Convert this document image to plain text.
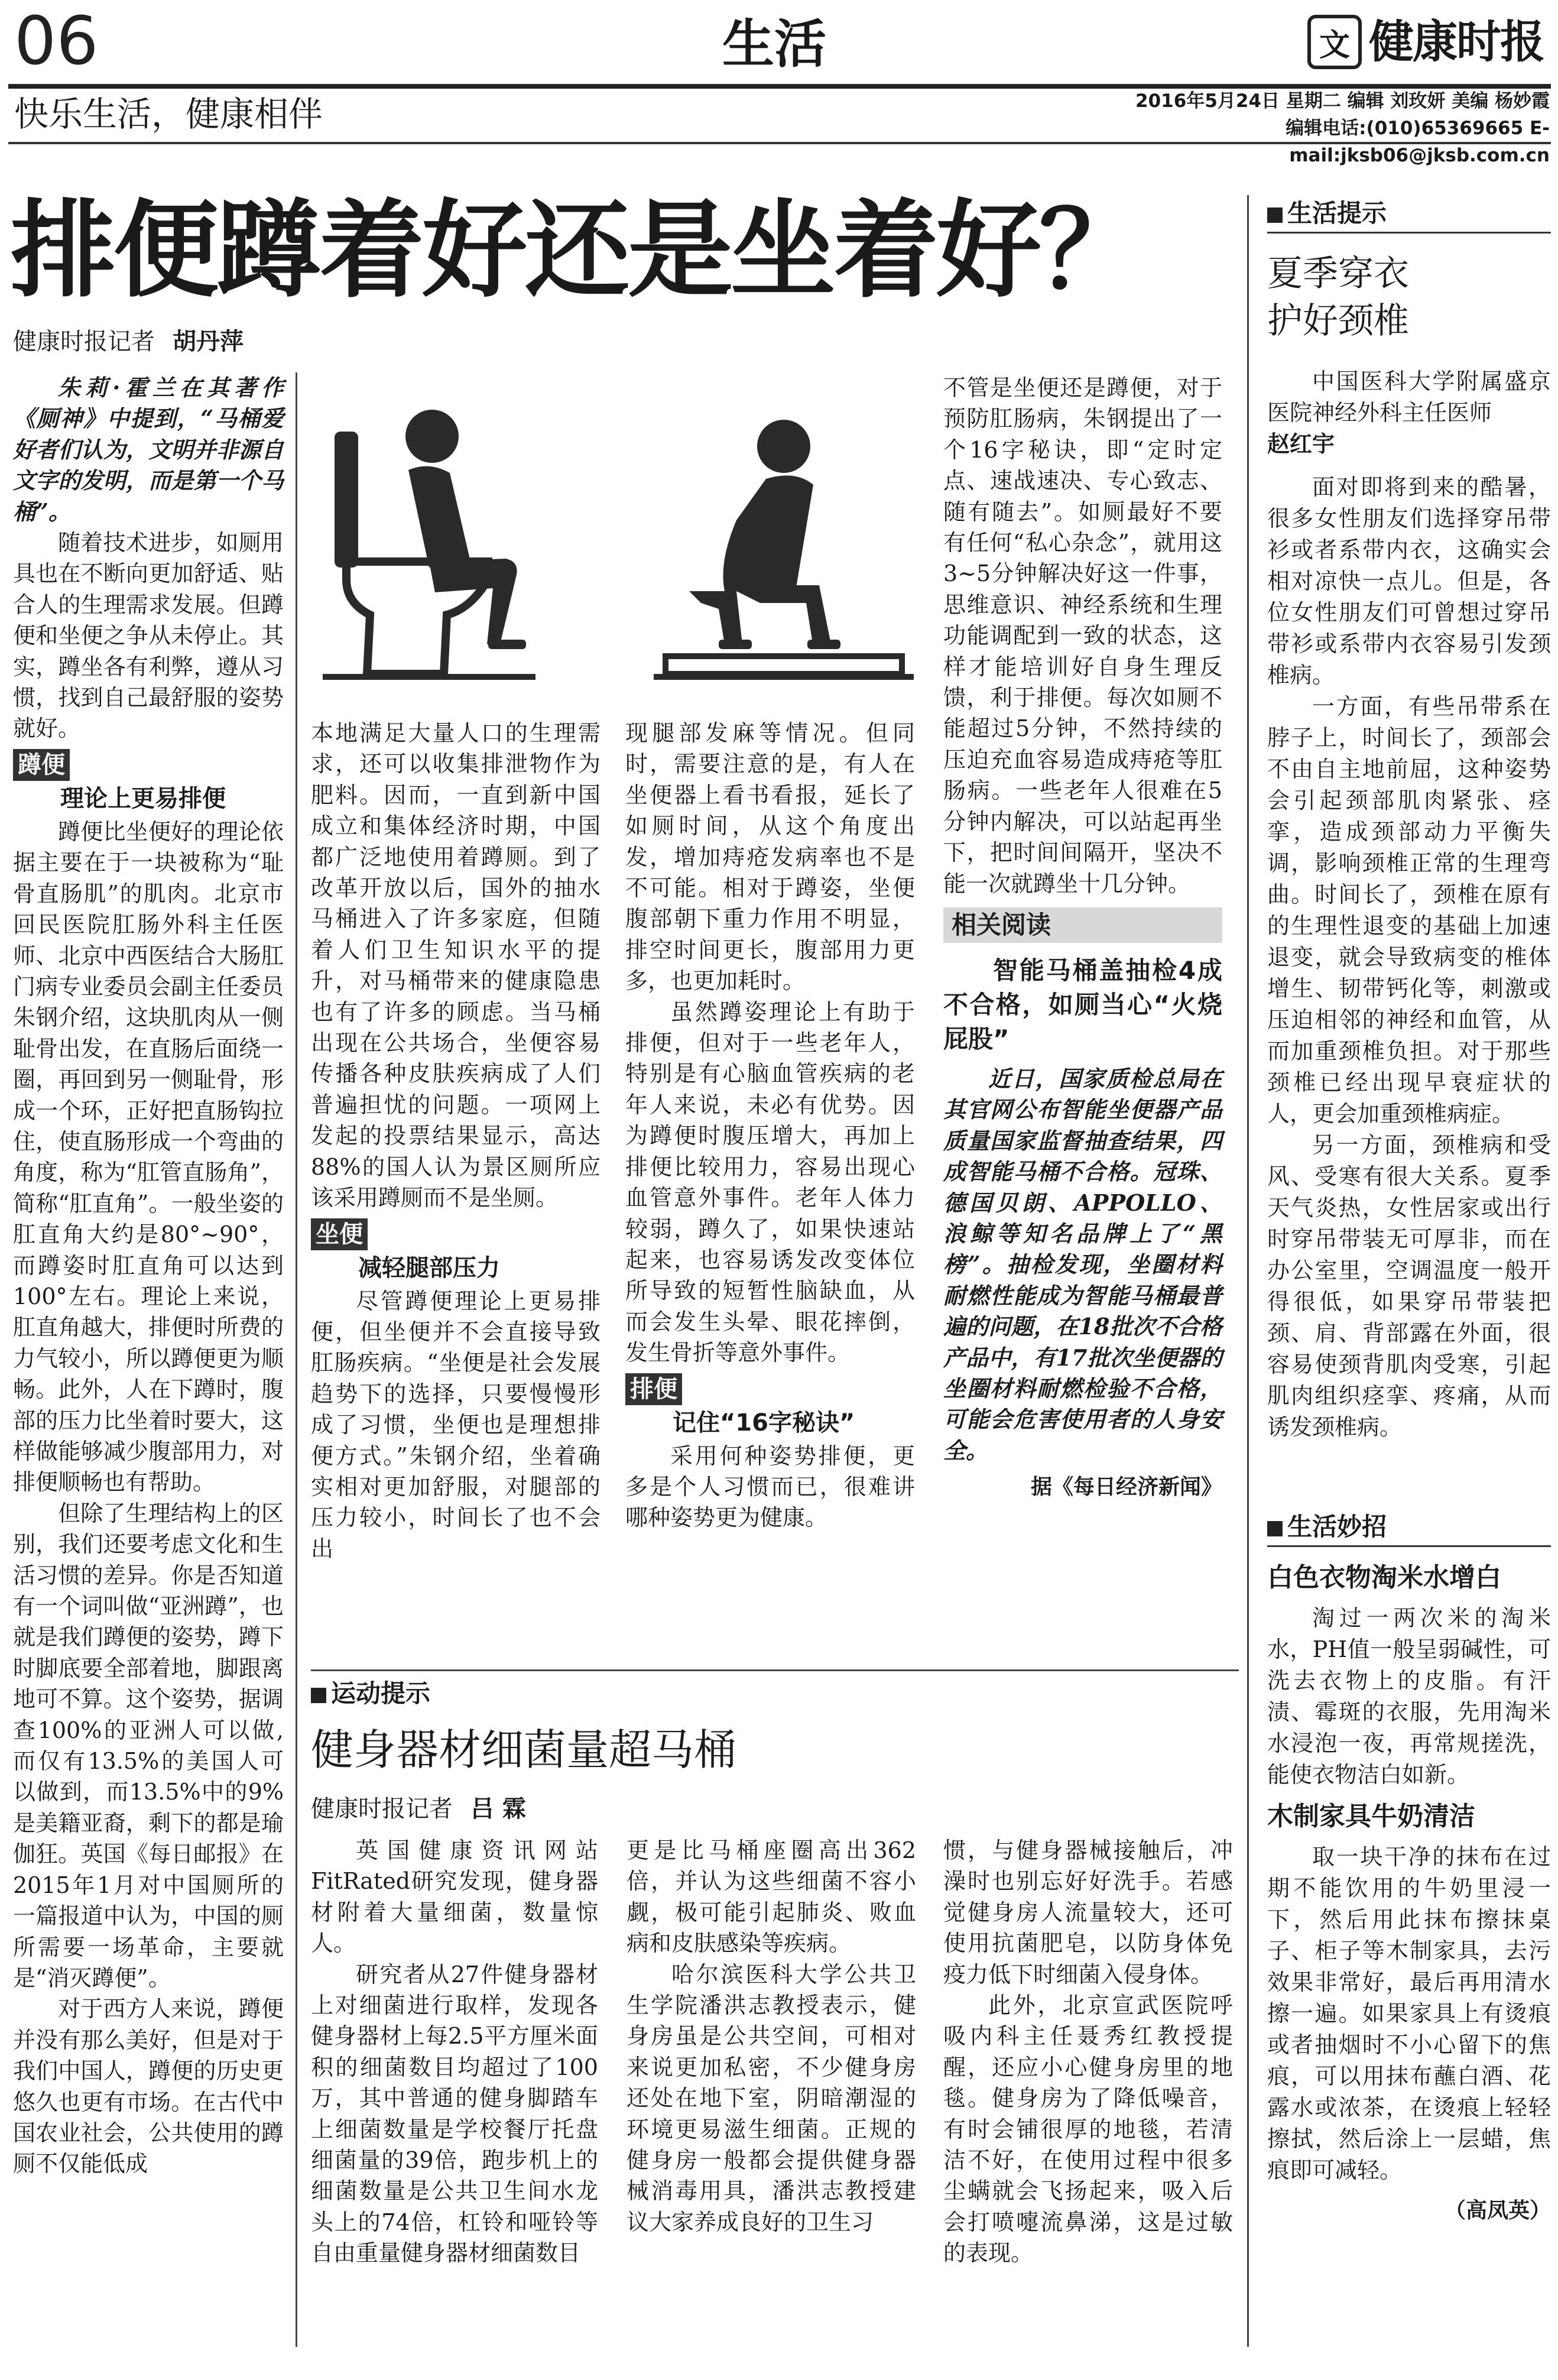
06	生活	文 健康时报
快乐生活，健康相伴	2016年5月24日 星期二 编辑 刘玫妍 美编 杨妙霞
编辑电话:(010)65369665 E-mail:jksb06@jksb.com.cn
排便蹲着好还是坐着好？
健康时报记者 胡丹萍

朱莉·霍兰在其著作《厕神》中提到，“马桶爱好者们认为，文明并非源自文字的发明，而是第一个马桶”。

随着技术进步，如厕用具也在不断向更加舒适、贴合人的生理需求发展。但蹲便和坐便之争从未停止。其实，蹲坐各有利弊，遵从习惯，找到自己最舒服的姿势就好。

蹲便

理论上更易排便

蹲便比坐便好的理论依据主要在于一块被称为“耻骨直肠肌”的肌肉。北京市回民医院肛肠外科主任医师、北京中西医结合大肠肛门病专业委员会副主任委员朱钢介绍，这块肌肉从一侧耻骨出发，在直肠后面绕一圈，再回到另一侧耻骨，形成一个环，正好把直肠钩拉住，使直肠形成一个弯曲的角度，称为“肛管直肠角”，简称“肛直角”。一般坐姿的肛直角大约是80°~90°，而蹲姿时肛直角可以达到100°左右。理论上来说，肛直角越大，排便时所费的力气较小，所以蹲便更为顺畅。此外，人在下蹲时，腹部的压力比坐着时要大，这样做能够减少腹部用力，对排便顺畅也有帮助。

但除了生理结构上的区别，我们还要考虑文化和生活习惯的差异。你是否知道有一个词叫做“亚洲蹲”，也就是我们蹲便的姿势，蹲下时脚底要全部着地，脚跟离地可不算。这个姿势，据调查100%的亚洲人可以做,而仅有13.5%的美国人可以做到，而13.5%中的9%是美籍亚裔，剩下的都是瑜伽狂。英国《每日邮报》在2015年1月对中国厕所的一篇报道中认为，中国的厕所需要一场革命，主要就是“消灭蹲便”。

对于西方人来说，蹲便并没有那么美好，但是对于我们中国人，蹲便的历史更悠久也更有市场。在古代中国农业社会，公共使用的蹲厕不仅能低成

本地满足大量人口的生理需求，还可以收集排泄物作为肥料。因而，一直到新中国成立和集体经济时期，中国都广泛地使用着蹲厕。到了改革开放以后，国外的抽水马桶进入了许多家庭，但随着人们卫生知识水平的提升，对马桶带来的健康隐患也有了许多的顾虑。当马桶出现在公共场合，坐便容易传播各种皮肤疾病成了人们普遍担忧的问题。一项网上发起的投票结果显示，高达88%的国人认为景区厕所应该采用蹲厕而不是坐厕。

坐便

减轻腿部压力

尽管蹲便理论上更易排便，但坐便并不会直接导致肛肠疾病。“坐便是社会发展趋势下的选择，只要慢慢形成了习惯，坐便也是理想排便方式。”朱钢介绍，坐着确实相对更加舒服，对腿部的压力较小，时间长了也不会出

现腿部发麻等情况。但同时，需要注意的是，有人在坐便器上看书看报，延长了如厕时间，从这个角度出发，增加痔疮发病率也不是不可能。相对于蹲姿，坐便腹部朝下重力作用不明显，排空时间更长，腹部用力更多，也更加耗时。

虽然蹲姿理论上有助于排便，但对于一些老年人，特别是有心脑血管疾病的老年人来说，未必有优势。因为蹲便时腹压增大，再加上排便比较用力，容易出现心血管意外事件。老年人体力较弱，蹲久了，如果快速站起来，也容易诱发改变体位所导致的短暂性脑缺血，从而会发生头晕、眼花摔倒，发生骨折等意外事件。

排便

记住“16字秘诀”

采用何种姿势排便，更多是个人习惯而已，很难讲哪种姿势更为健康。

不管是坐便还是蹲便，对于预防肛肠病，朱钢提出了一个16字秘诀，即“定时定点、速战速决、专心致志、随有随去”。如厕最好不要有任何“私心杂念”，就用这3~5分钟解决好这一件事，思维意识、神经系统和生理功能调配到一致的状态，这样才能培训好自身生理反馈，利于排便。每次如厕不能超过5分钟，不然持续的压迫充血容易造成痔疮等肛肠病。一些老年人很难在5分钟内解决，可以站起再坐下，把时间间隔开，坚决不能一次就蹲坐十几分钟。

相关阅读
智能马桶盖抽检4成不合格，如厕当心“火烧屁股”

近日，国家质检总局在其官网公布智能坐便器产品质量国家监督抽查结果，四成智能马桶不合格。冠珠、德国贝朗、APPOLLO、浪鲸等知名品牌上了“黑榜”。抽检发现，坐圈材料耐燃性能成为智能马桶最普遍的问题，在18批次不合格产品中，有17批次坐便器的坐圈材料耐燃检验不合格，可能会危害使用者的人身安全。

据《每日经济新闻》
运动提示
健身器材细菌量超马桶
健康时报记者 吕 霖

英国健康资讯网站FitRated研究发现，健身器材附着大量细菌，数量惊人。

研究者从27件健身器材上对细菌进行取样，发现各健身器材上每2.5平方厘米面积的细菌数目均超过了100万，其中普通的健身脚踏车上细菌数量是学校餐厅托盘细菌量的39倍，跑步机上的细菌数量是公共卫生间水龙头上的74倍，杠铃和哑铃等自由重量健身器材细菌数目

更是比马桶座圈高出362倍，并认为这些细菌不容小觑，极可能引起肺炎、败血病和皮肤感染等疾病。

哈尔滨医科大学公共卫生学院潘洪志教授表示，健身房虽是公共空间，可相对来说更加私密，不少健身房还处在地下室，阴暗潮湿的环境更易滋生细菌。正规的健身房一般都会提供健身器械消毒用具，潘洪志教授建议大家养成良好的卫生习

惯，与健身器械接触后，冲澡时也别忘好好洗手。若感觉健身房人流量较大，还可使用抗菌肥皂，以防身体免疫力低下时细菌入侵身体。

此外，北京宣武医院呼吸内科主任聂秀红教授提醒，还应小心健身房里的地毯。健身房为了降低噪音，有时会铺很厚的地毯，若清洁不好，在使用过程中很多尘螨就会飞扬起来，吸入后会打喷嚏流鼻涕，这是过敏的表现。

生活提示
夏季穿衣
护好颈椎

中国医科大学附属盛京医院神经外科主任医师

赵红宇

面对即将到来的酷暑，很多女性朋友们选择穿吊带衫或者系带内衣，这确实会相对凉快一点儿。但是，各位女性朋友们可曾想过穿吊带衫或系带内衣容易引发颈椎病。

一方面，有些吊带系在脖子上，时间长了，颈部会不由自主地前屈，这种姿势会引起颈部肌肉紧张、痉挛，造成颈部动力平衡失调，影响颈椎正常的生理弯曲。时间长了，颈椎在原有的生理性退变的基础上加速退变，就会导致病变的椎体增生、韧带钙化等，刺激或压迫相邻的神经和血管，从而加重颈椎负担。对于那些颈椎已经出现早衰症状的人，更会加重颈椎病症。

另一方面，颈椎病和受风、受寒有很大关系。夏季天气炎热，女性居家或出行时穿吊带装无可厚非，而在办公室里，空调温度一般开得很低，如果穿吊带装把颈、肩、背部露在外面，很容易使颈背肌肉受寒，引起肌肉组织痉挛、疼痛，从而诱发颈椎病。

生活妙招
白色衣物淘米水增白

淘过一两次米的淘米水，PH值一般呈弱碱性，可洗去衣物上的皮脂。有汗渍、霉斑的衣服，先用淘米水浸泡一夜，再常规搓洗，能使衣物洁白如新。

木制家具牛奶清洁

取一块干净的抹布在过期不能饮用的牛奶里浸一下，然后用此抹布擦抹桌子、柜子等木制家具，去污效果非常好，最后再用清水擦一遍。如果家具上有烫痕或者抽烟时不小心留下的焦痕，可以用抹布蘸白酒、花露水或浓茶，在烫痕上轻轻擦拭，然后涂上一层蜡，焦痕即可减轻。

（高凤英）
